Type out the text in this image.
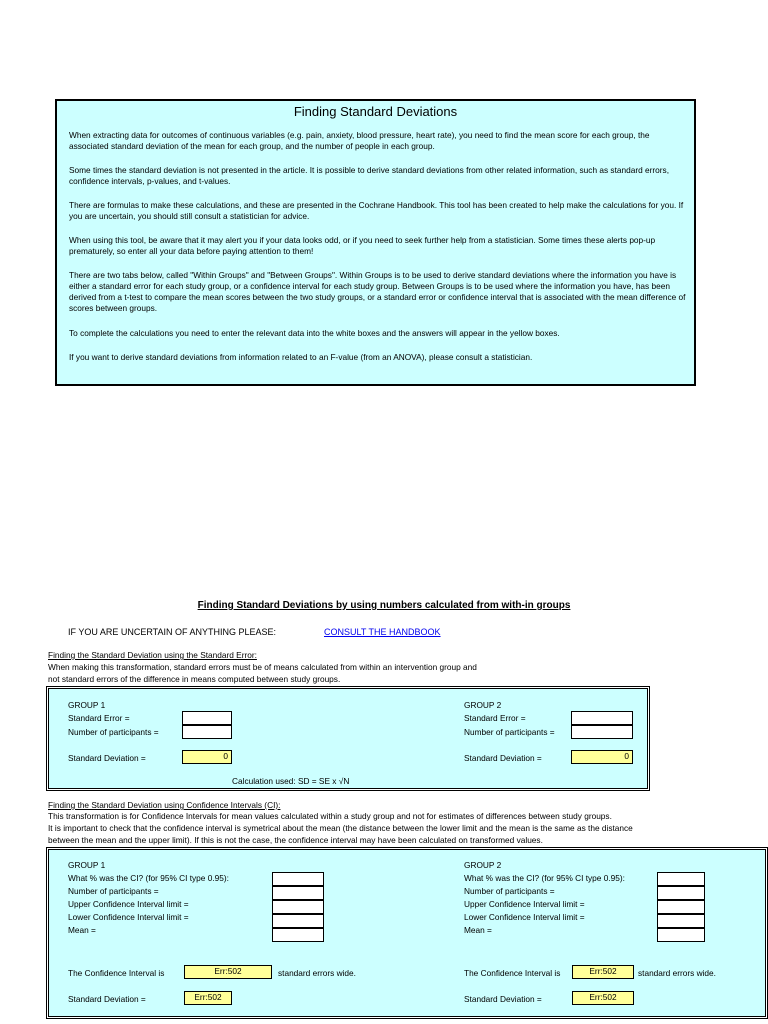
Finding Standard Deviations
When extracting data for outcomes of continuous variables (e.g. pain, anxiety, blood pressure, heart rate), you need to find the mean score for each group, the associated standard deviation of the mean for each group, and the number of people in each group.
Some times the standard deviation is not presented in the article. It is possible to derive standard deviations from other related information, such as standard errors, confidence intervals, p-values, and t-values.
There are formulas to make these calculations, and these are presented in the Cochrane Handbook. This tool has been created to help make the calculations for you. If you are uncertain, you should still consult a statistician for advice.
When using this tool, be aware that it may alert you if your data looks odd, or if you need to seek further help from a statistician. Some times these alerts pop-up prematurely, so enter all your data before paying attention to them!
There are two tabs below, called "Within Groups" and "Between Groups". Within Groups is to be used to derive standard deviations where the information you have is either a standard error for each study group, or a confidence interval for each study group. Between Groups is to be used where the information you have, has been derived from a t-test to compare the mean scores between the two study groups, or a standard error or confidence interval that is associated with the mean difference of scores between groups.
To complete the calculations you need to enter the relevant data into the white boxes and the answers will appear in the yellow boxes.
If you want to derive standard deviations from information related to an F-value (from an ANOVA), please consult a statistician.
Finding Standard Deviations by using numbers calculated from with-in groups
IF YOU ARE UNCERTAIN OF ANYTHING PLEASE:	CONSULT THE HANDBOOK
Finding the Standard Deviation using the Standard Error:
When making this transformation, standard errors must be of means calculated from within an intervention group and
not standard errors of the difference in means computed between study groups.
GROUP 1
Standard Error =
Number of participants =
Standard Deviation =	0
GROUP 2
Standard Error =
Number of participants =
Standard Deviation =	0
Calculation used: SD = SE x √N
Finding the Standard Deviation using Confidence Intervals (CI):
This transformation is for Confidence Intervals for mean values calculated within a study group and not for estimates of differences between study groups.
It is important to check that the confidence interval is symetrical about the mean (the distance between the lower limit and the mean is the same as the distance
between the mean and the upper limit). If this is not the case, the confidence interval may have been calculated on transformed values.
GROUP 1
What % was the CI? (for 95% CI type 0.95):
Number of participants =
Upper Confidence Interval limit =
Lower Confidence Interval limit =
Mean =
The Confidence Interval is	Err:502	standard errors wide.
Standard Deviation =	Err:502
GROUP 2
What % was the CI? (for 95% CI type 0.95):
Number of participants =
Upper Confidence Interval limit =
Lower Confidence Interval limit =
Mean =
The Confidence Interval is	Err:502	standard errors wide.
Standard Deviation =	Err:502
